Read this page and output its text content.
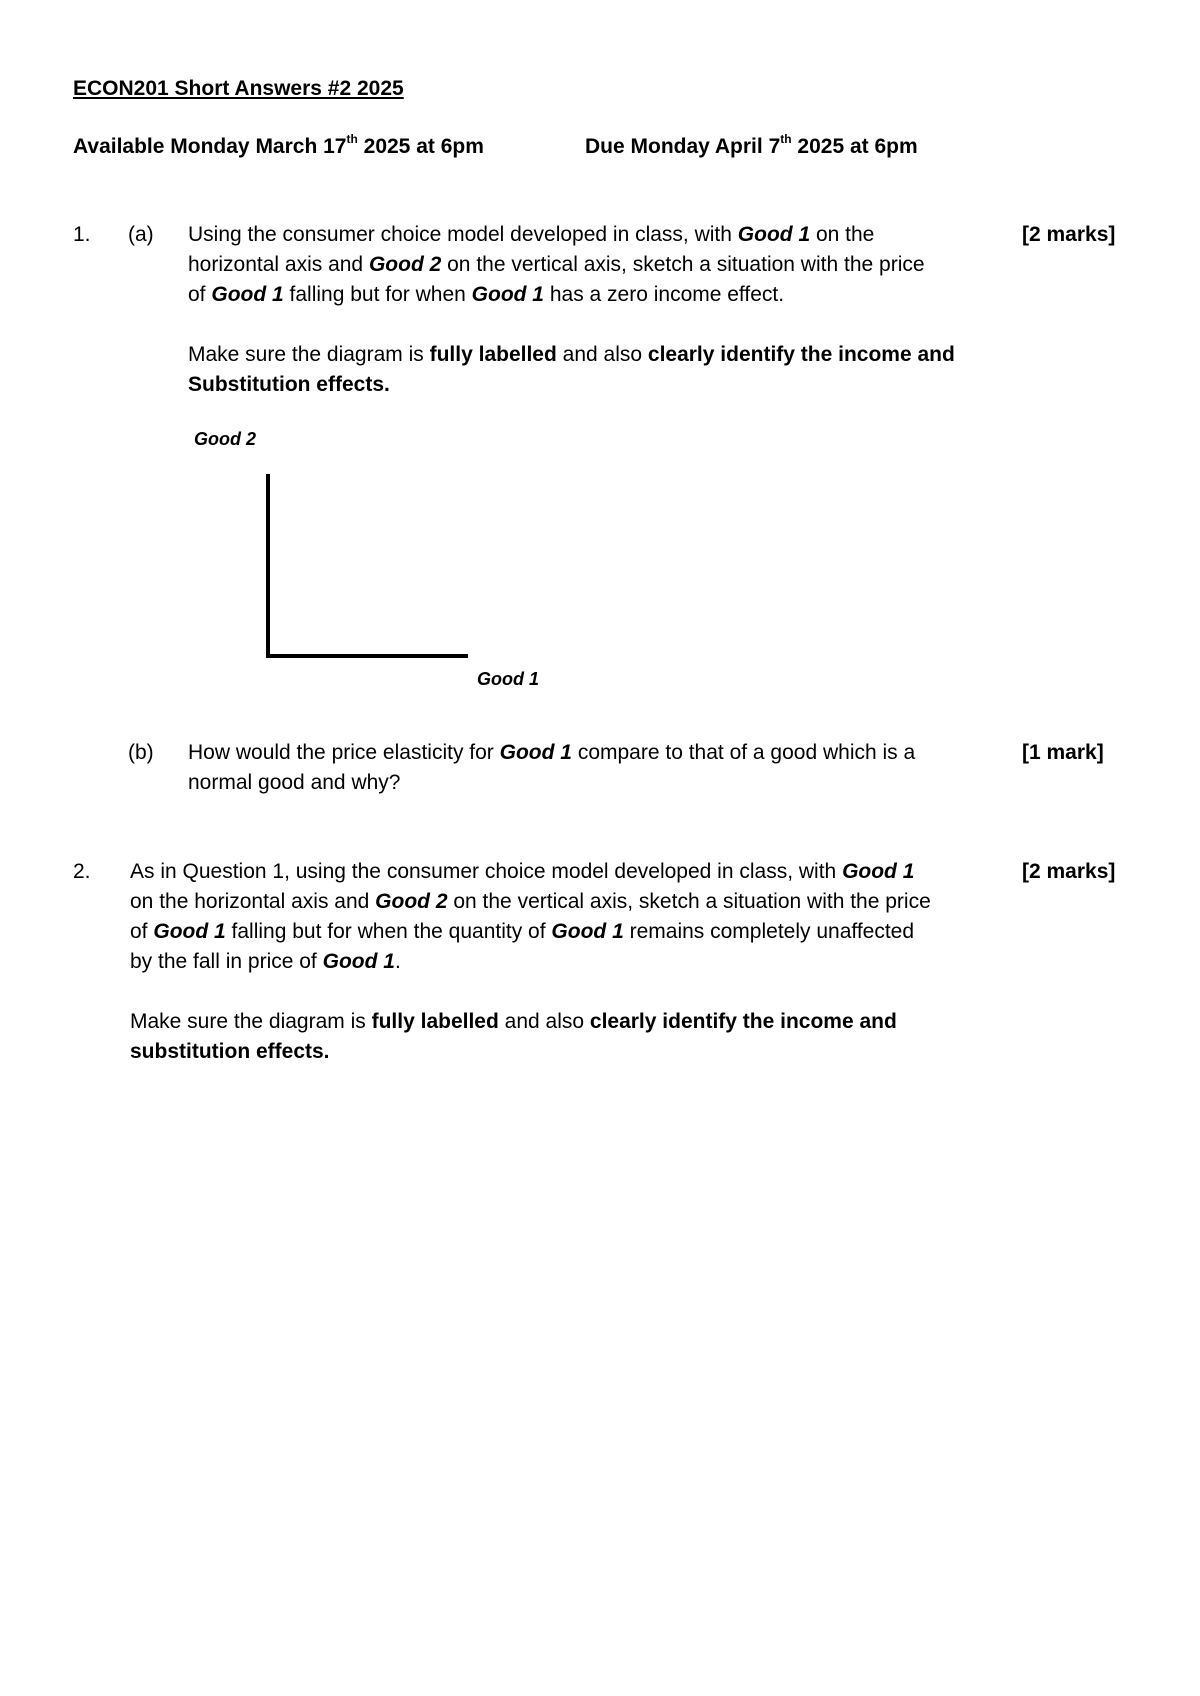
ECON201 Short Answers #2 2025
Available Monday March 17th 2025 at 6pm	Due Monday April 7th 2025 at 6pm
1.	(a)	[2 marks]

Using the consumer choice model developed in class, with Good 1 on the

horizontal axis and Good 2 on the vertical axis, sketch a situation with the price

of Good 1 falling but for when Good 1 has a zero income effect.

Make sure the diagram is fully labelled and also clearly identify the income and

Substitution effects.

Good 2
Good 1
(b)	[1 mark]

How would the price elasticity for Good 1 compare to that of a good which is a

normal good and why?

2.	[2 marks]

As in Question 1, using the consumer choice model developed in class, with Good 1

on the horizontal axis and Good 2 on the vertical axis, sketch a situation with the price

of Good 1 falling but for when the quantity of Good 1 remains completely unaffected

by the fall in price of Good 1.

Make sure the diagram is fully labelled and also clearly identify the income and

substitution effects.
